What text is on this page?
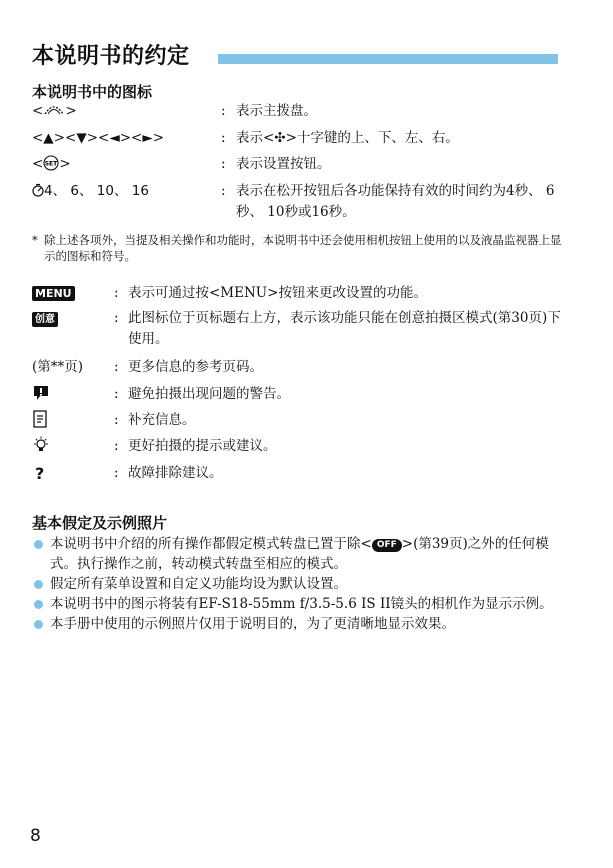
本说明书的约定
本说明书中的图标
< >	: 表示主拨盘。
<▲><▼><◄><►>	: 表示<✣>十字键的上、下、左、右。
< SET >	: 表示设置按钮。
4、 6、 10、 16	: 表示在松开按钮后各功能保持有效的时间约为4秒、 6秒、 10秒或16秒。
* 除上述各项外，当提及相关操作和功能时，本说明书中还会使用相机按钮上使用的以及液晶监视器上显示的图标和符号。
MENU	: 表示可通过按<MENU>按钮来更改设置的功能。
创意	: 此图标位于页标题右上方，表示该功能只能在创意拍摄区模式(第30页)下使用。
(第**页) : 更多信息的参考页码。
: 避免拍摄出现问题的警告。
: 补充信息。
: 更好拍摄的提示或建议。
?	: 故障排除建议。
基本假定及示例照片
本说明书中介绍的所有操作都假定模式转盘已置于除< OFF >(第39页)之外的任何模式。执行操作之前，转动模式转盘至相应的模式。
假定所有菜单设置和自定义功能均设为默认设置。
本说明书中的图示将装有EF-S18-55mm f/3.5-5.6 IS II镜头的相机作为显示示例。
本手册中使用的示例照片仅用于说明目的，为了更清晰地显示效果。
8
